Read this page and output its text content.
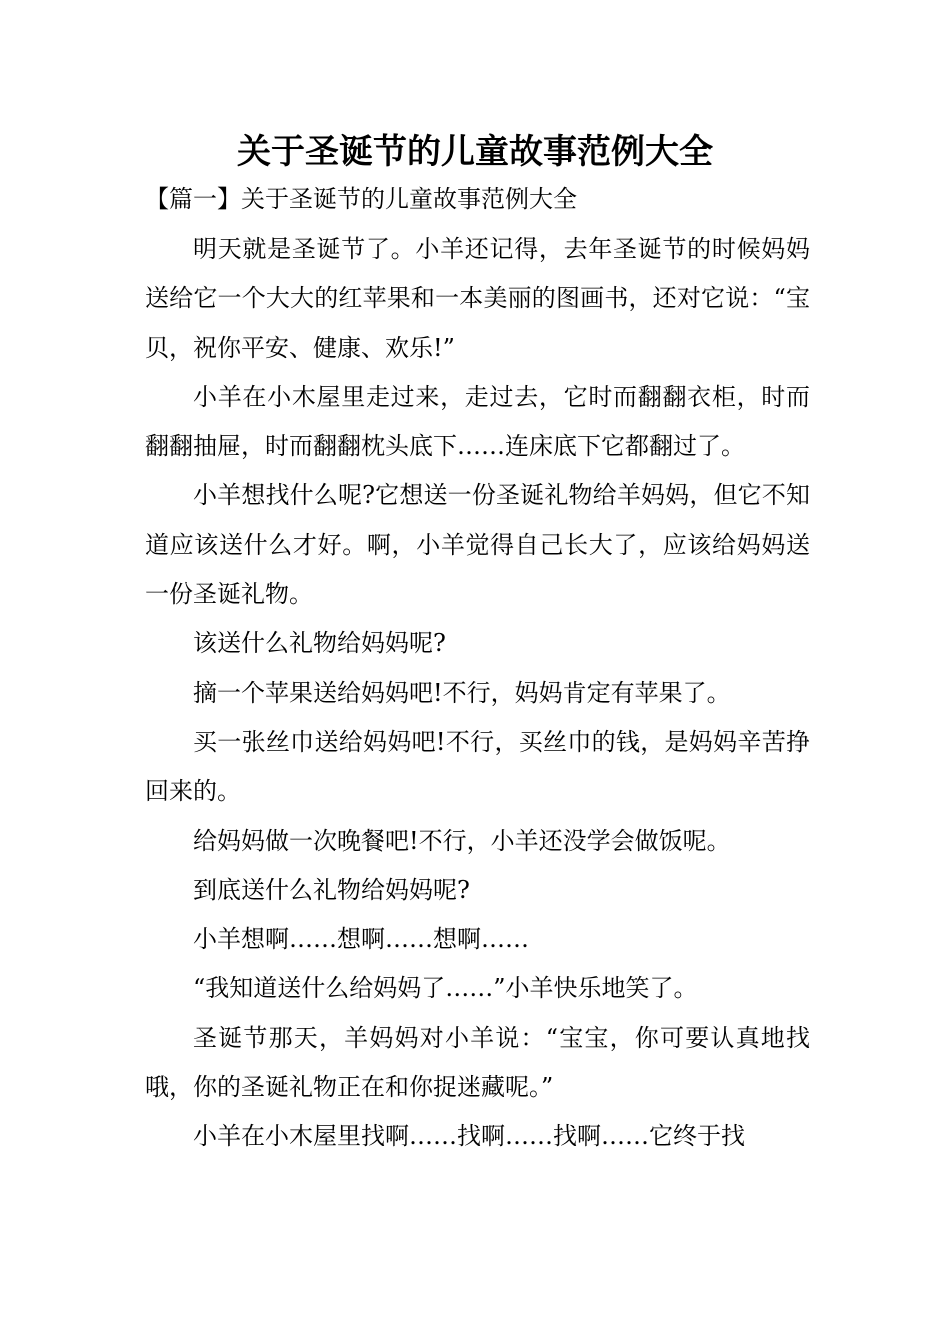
关于圣诞节的儿童故事范例大全
【篇一】关于圣诞节的儿童故事范例大全

明天就是圣诞节了。小羊还记得，去年圣诞节的时候妈妈送给它一个大大的红苹果和一本美丽的图画书，还对它说：“宝贝，祝你平安、健康、欢乐!”

小羊在小木屋里走过来，走过去，它时而翻翻衣柜，时而翻翻抽屉，时而翻翻枕头底下……连床底下它都翻过了。

小羊想找什么呢?它想送一份圣诞礼物给羊妈妈，但它不知道应该送什么才好。啊，小羊觉得自己长大了，应该给妈妈送一份圣诞礼物。

该送什么礼物给妈妈呢?

摘一个苹果送给妈妈吧!不行，妈妈肯定有苹果了。

买一张丝巾送给妈妈吧!不行，买丝巾的钱，是妈妈辛苦挣回来的。

给妈妈做一次晚餐吧!不行，小羊还没学会做饭呢。

到底送什么礼物给妈妈呢?

小羊想啊……想啊……想啊……

“我知道送什么给妈妈了……”小羊快乐地笑了。

圣诞节那天，羊妈妈对小羊说：“宝宝，你可要认真地找哦，你的圣诞礼物正在和你捉迷藏呢。”

小羊在小木屋里找啊……找啊……找啊……它终于找
